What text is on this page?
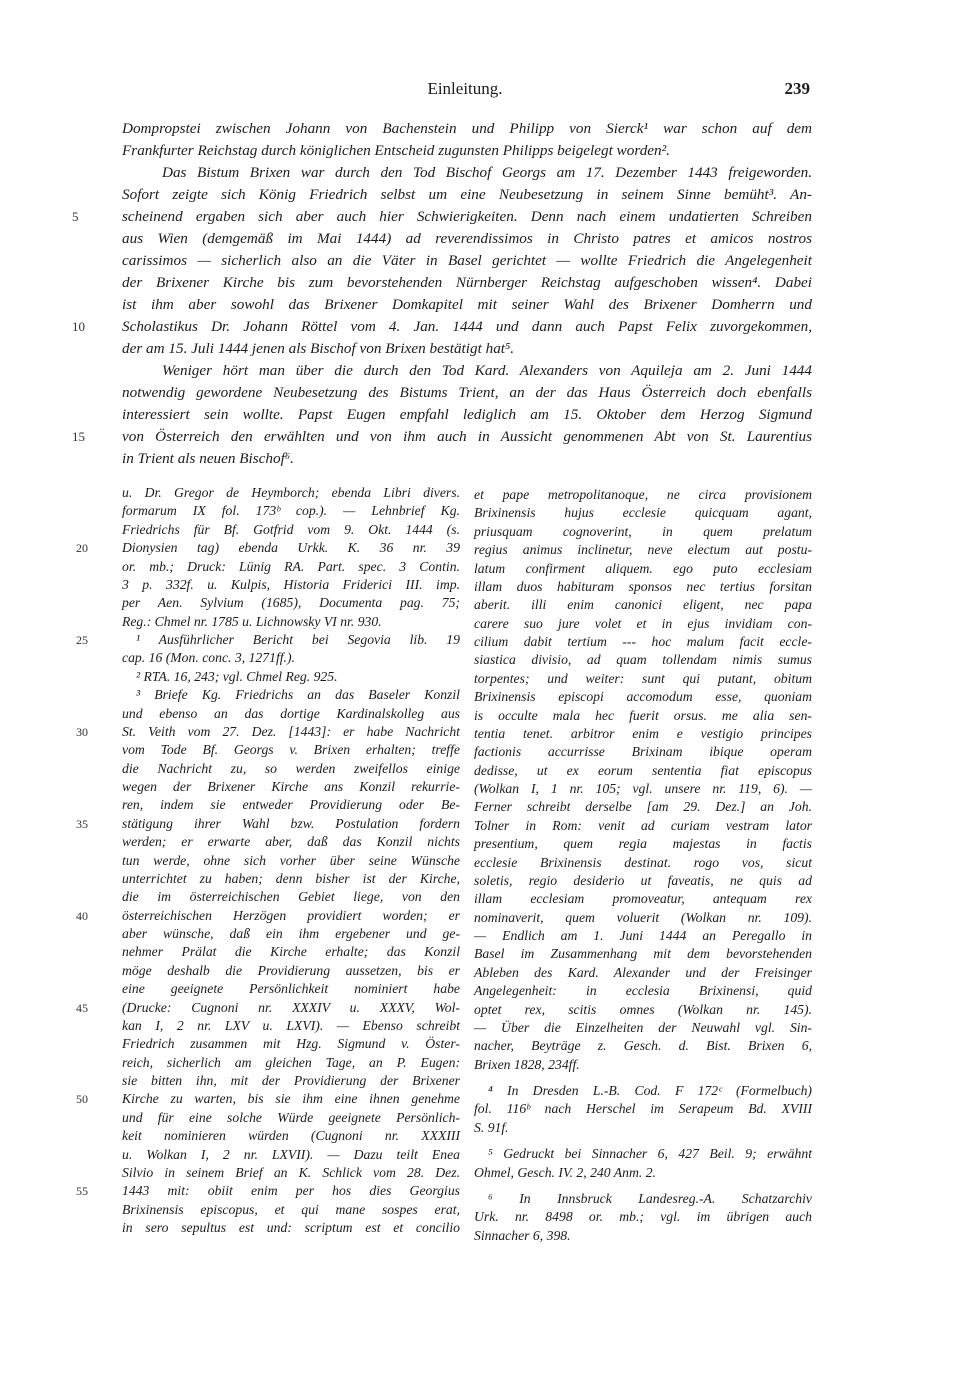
Einleitung.	239
Dompropstei zwischen Johann von Bachenstein und Philipp von Sierck¹ war schon auf dem
Frankfurter Reichstag durch königlichen Entscheid zugunsten Philipps beigelegt worden².
Das Bistum Brixen war durch den Tod Bischof Georgs am 17. Dezember 1443 freigeworden.
Sofort zeigte sich König Friedrich selbst um eine Neubesetzung in seinem Sinne bemüht³. An-
scheinend ergaben sich aber auch hier Schwierigkeiten. Denn nach einem undatierten Schreiben
5
aus Wien (demgemäß im Mai 1444) ad reverendissimos in Christo patres et amicos nostros
carissimos — sicherlich also an die Väter in Basel gerichtet — wollte Friedrich die Angelegenheit
der Brixener Kirche bis zum bevorstehenden Nürnberger Reichstag aufgeschoben wissen⁴. Dabei
ist ihm aber sowohl das Brixener Domkapitel mit seiner Wahl des Brixener Domherrn und
Scholastikus Dr. Johann Röttel vom 4. Jan. 1444 und dann auch Papst Felix zuvorgekommen,
10
der am 15. Juli 1444 jenen als Bischof von Brixen bestätigt hat⁵.
Weniger hört man über die durch den Tod Kard. Alexanders von Aquileja am 2. Juni 1444
notwendig gewordene Neubesetzung des Bistums Trient, an der das Haus Österreich doch ebenfalls
interessiert sein wollte. Papst Eugen empfahl lediglich am 15. Oktober dem Herzog Sigmund
von Österreich den erwählten und von ihm auch in Aussicht genommenen Abt von St. Laurentius
15
in Trient als neuen Bischof⁶.
u. Dr. Gregor de Heymborch; ebenda Libri divers.
formarum IX fol. 173ᵇ cop.). — Lehnbrief Kg.
Friedrichs für Bf. Gotfrid vom 9. Okt. 1444 (s.
Dionysien tag) ebenda Urkk. K. 36 nr. 39
20
or. mb.; Druck: Lünig RA. Part. spec. 3 Contin.
3 p. 332f. u. Kulpis, Historia Friderici III. imp.
per Aen. Sylvium (1685), Documenta pag. 75;
Reg.: Chmel nr. 1785 u. Lichnowsky VI nr. 930.
¹ Ausführlicher Bericht bei Segovia lib. 19
25
cap. 16 (Mon. conc. 3, 1271ff.).
² RTA. 16, 243; vgl. Chmel Reg. 925.
³ Briefe Kg. Friedrichs an das Baseler Konzil
und ebenso an das dortige Kardinalskolleg aus
St. Veith vom 27. Dez. [1443]: er habe Nachricht
30
vom Tode Bf. Georgs v. Brixen erhalten; treffe
die Nachricht zu, so werden zweifellos einige
wegen der Brixener Kirche ans Konzil rekurrie-
ren, indem sie entweder Providierung oder Be-
stätigung ihrer Wahl bzw. Postulation fordern
35
werden; er erwarte aber, daß das Konzil nichts
tun werde, ohne sich vorher über seine Wünsche
unterrichtet zu haben; denn bisher ist der Kirche,
die im österreichischen Gebiet liege, von den
österreichischen Herzögen providiert worden; er
40
aber wünsche, daß ein ihm ergebener und ge-
nehmer Prälat die Kirche erhalte; das Konzil
möge deshalb die Providierung aussetzen, bis er
eine geeignete Persönlichkeit nominiert habe
(Drucke: Cugnoni nr. XXXIV u. XXXV, Wol-
45
kan I, 2 nr. LXV u. LXVI). — Ebenso schreibt
Friedrich zusammen mit Hzg. Sigmund v. Öster-
reich, sicherlich am gleichen Tage, an P. Eugen:
sie bitten ihn, mit der Providierung der Brixener
Kirche zu warten, bis sie ihm eine ihnen genehme
50
und für eine solche Würde geeignete Persönlich-
keit nominieren würden (Cugnoni nr. XXXIII
u. Wolkan I, 2 nr. LXVII). — Dazu teilt Enea
Silvio in seinem Brief an K. Schlick vom 28. Dez.
1443 mit: obiit enim per hos dies Georgius
55
Brixinensis episcopus, et qui mane sospes erat,
in sero sepultus est und: scriptum est et concilio
et pape metropolitanoque, ne circa provisionem
Brixinensis hujus ecclesie quicquam agant,
priusquam cognoverint, in quem prelatum
regius animus inclinetur, neve electum aut postu-
latum confirment aliquem. ego puto ecclesiam
illam duos habituram sponsos nec tertius forsitan
aberit. illi enim canonici eligent, nec papa
carere suo jure volet et in ejus invidiam con-
cilium dabit tertium --- hoc malum facit eccle-
siastica divisio, ad quam tollendam nimis sumus
torpentes; und weiter: sunt qui putant, obitum
Brixinensis episcopi accomodum esse, quoniam
is occulte mala hec fuerit orsus. me alia sen-
tentia tenet. arbitror enim e vestigio principes
factionis accurrisse Brixinam ibique operam
dedisse, ut ex eorum sententia fiat episcopus
(Wolkan I, 1 nr. 105; vgl. unsere nr. 119, 6). —
Ferner schreibt derselbe [am 29. Dez.] an Joh.
Tolner in Rom: venit ad curiam vestram lator
presentium, quem regia majestas in factis
ecclesie Brixinensis destinat. rogo vos, sicut
soletis, regio desiderio ut faveatis, ne quis ad
illam ecclesiam promoveatur, antequam rex
nominaverit, quem voluerit (Wolkan nr. 109).
— Endlich am 1. Juni 1444 an Peregallo in
Basel im Zusammenhang mit dem bevorstehenden
Ableben des Kard. Alexander und der Freisinger
Angelegenheit: in ecclesia Brixinensi, quid
optet rex, scitis omnes (Wolkan nr. 145).
— Über die Einzelheiten der Neuwahl vgl. Sin-
nacher, Beyträge z. Gesch. d. Bist. Brixen 6,
Brixen 1828, 234ff.
⁴ In Dresden L.-B. Cod. F 172ᶜ (Formelbuch)
fol. 116ᵇ nach Herschel im Serapeum Bd. XVIII
S. 91f.
⁵ Gedruckt bei Sinnacher 6, 427 Beil. 9; erwähnt
Ohmel, Gesch. IV. 2, 240 Anm. 2.
⁶ In Innsbruck Landesreg.-A. Schatzarchiv
Urk. nr. 8498 or. mb.; vgl. im übrigen auch
Sinnacher 6, 398.
